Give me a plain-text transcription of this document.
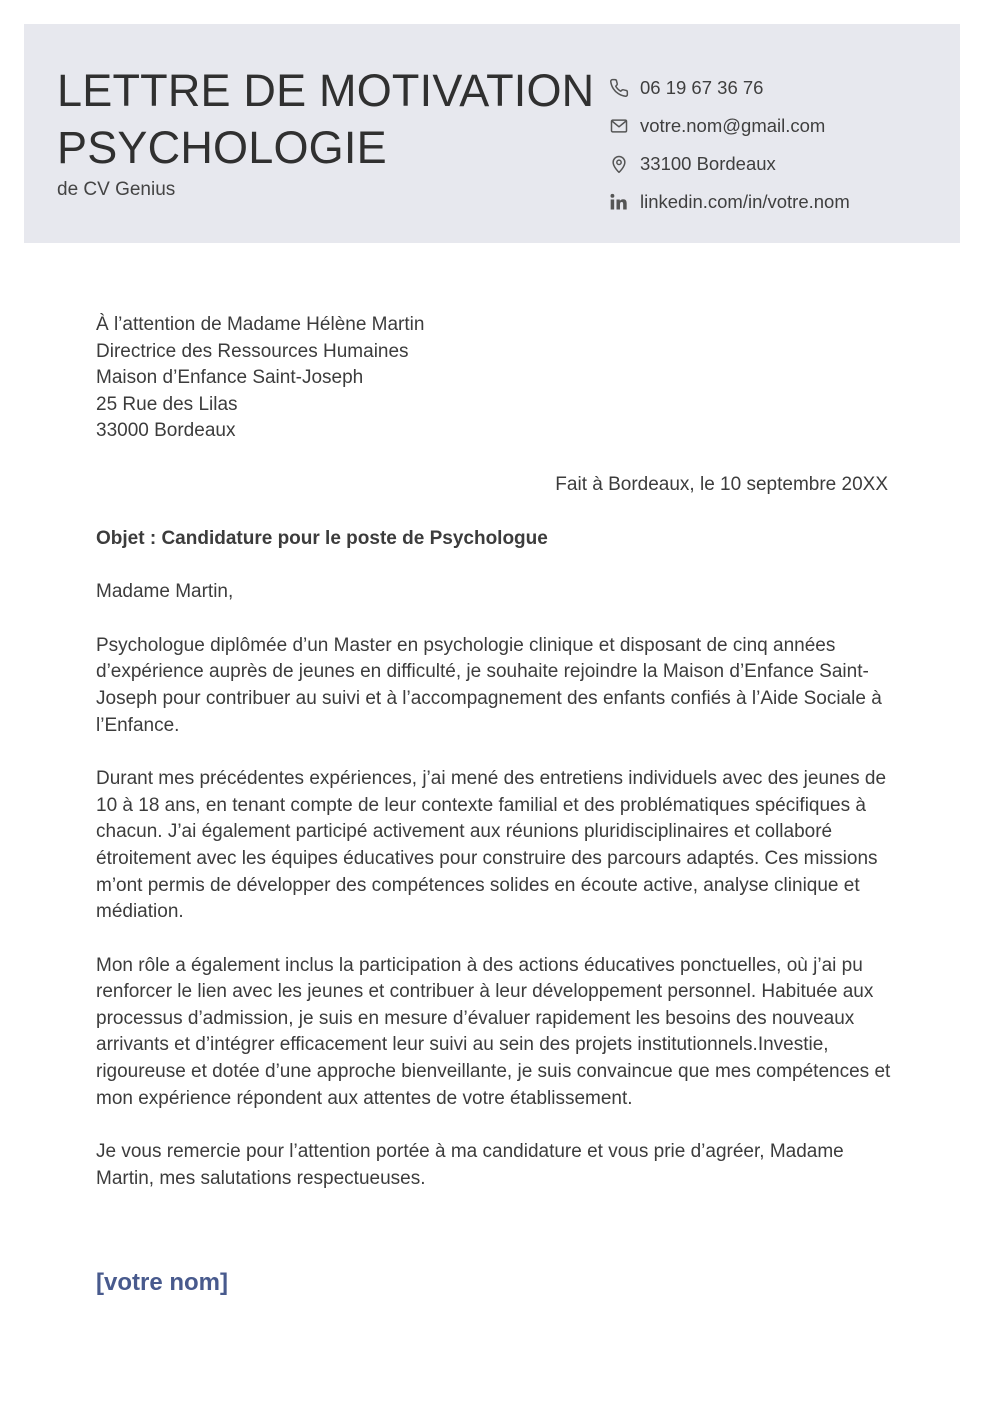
LETTRE DE MOTIVATION
PSYCHOLOGIE
de CV Genius
06 19 67 36 76
votre.nom@gmail.com
33100 Bordeaux
linkedin.com/in/votre.nom
À l’attention de Madame Hélène Martin
Directrice des Ressources Humaines
Maison d’Enfance Saint-Joseph
25 Rue des Lilas
33000 Bordeaux
Fait à Bordeaux, le 10 septembre 20XX
Objet : Candidature pour le poste de Psychologue
Madame Martin,
Psychologue diplômée d’un Master en psychologie clinique et disposant de cinq années d’expérience auprès de jeunes en difficulté, je souhaite rejoindre la Maison d’Enfance Saint-Joseph pour contribuer au suivi et à l’accompagnement des enfants confiés à l’Aide Sociale à l’Enfance.
Durant mes précédentes expériences, j’ai mené des entretiens individuels avec des jeunes de 10 à 18 ans, en tenant compte de leur contexte familial et des problématiques spécifiques à chacun. J’ai également participé activement aux réunions pluridisciplinaires et collaboré étroitement avec les équipes éducatives pour construire des parcours adaptés. Ces missions m’ont permis de développer des compétences solides en écoute active, analyse clinique et médiation.
Mon rôle a également inclus la participation à des actions éducatives ponctuelles, où j’ai pu renforcer le lien avec les jeunes et contribuer à leur développement personnel. Habituée aux processus d’admission, je suis en mesure d’évaluer rapidement les besoins des nouveaux arrivants et d’intégrer efficacement leur suivi au sein des projets institutionnels.Investie, rigoureuse et dotée d’une approche bienveillante, je suis convaincue que mes compétences et mon expérience répondent aux attentes de votre établissement.
Je vous remercie pour l’attention portée à ma candidature et vous prie d’agréer, Madame Martin, mes salutations respectueuses.
[votre nom]
